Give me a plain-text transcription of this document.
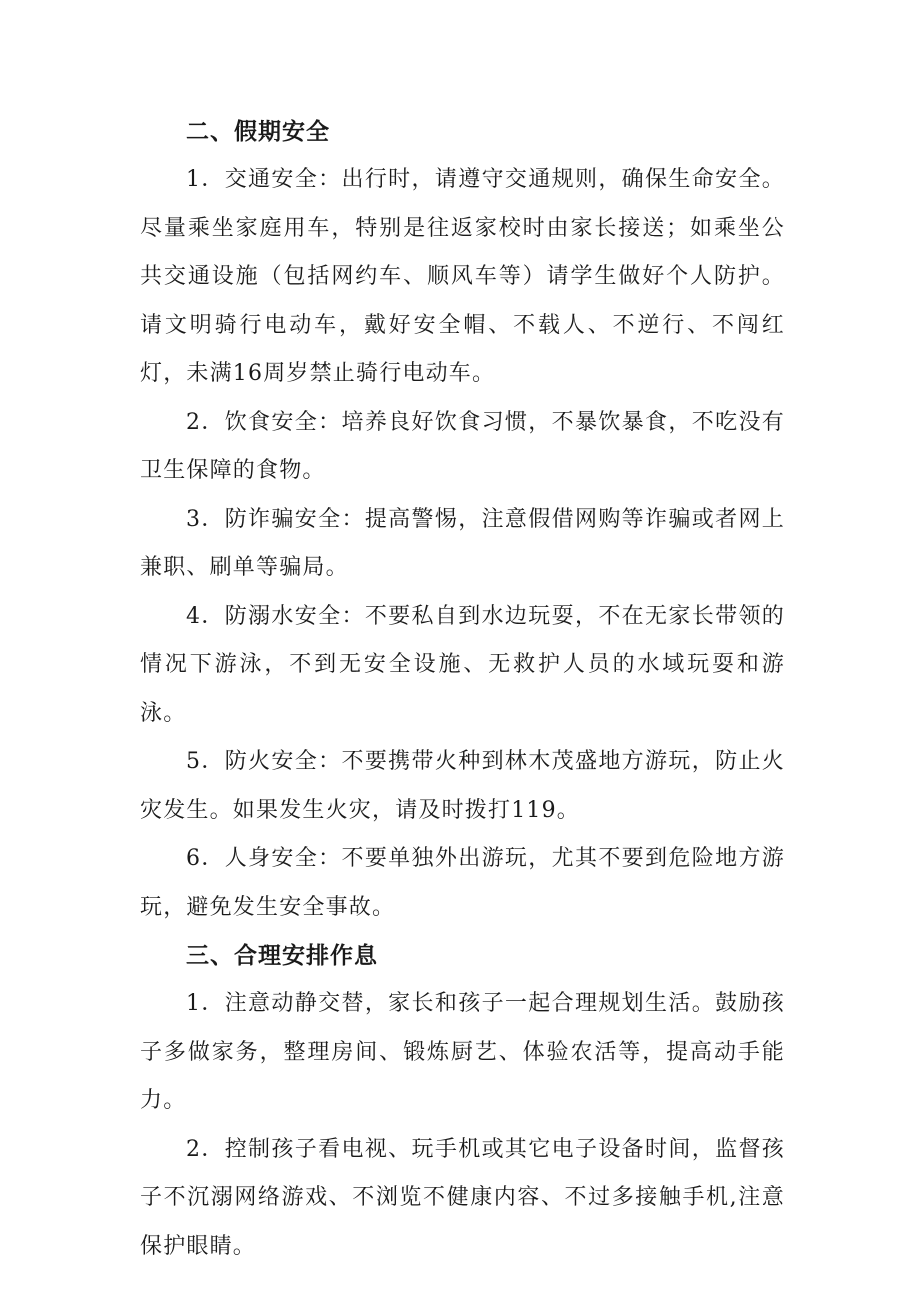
二、假期安全

1．交通安全：出行时，请遵守交通规则，确保生命安全。尽量乘坐家庭用车，特别是往返家校时由家长接送；如乘坐公共交通设施（包括网约车、顺风车等）请学生做好个人防护。请文明骑行电动车，戴好安全帽、不载人、不逆行、不闯红灯，未满16周岁禁止骑行电动车。

2．饮食安全：培养良好饮食习惯，不暴饮暴食，不吃没有卫生保障的食物。

3．防诈骗安全：提高警惕，注意假借网购等诈骗或者网上兼职、刷单等骗局。

4．防溺水安全：不要私自到水边玩耍，不在无家长带领的情况下游泳，不到无安全设施、无救护人员的水域玩耍和游泳。

5．防火安全：不要携带火种到林木茂盛地方游玩，防止火灾发生。如果发生火灾，请及时拨打119。

6．人身安全：不要单独外出游玩，尤其不要到危险地方游玩，避免发生安全事故。

三、合理安排作息

1．注意动静交替，家长和孩子一起合理规划生活。鼓励孩子多做家务，整理房间、锻炼厨艺、体验农活等，提高动手能力。

2．控制孩子看电视、玩手机或其它电子设备时间，监督孩子不沉溺网络游戏、不浏览不健康内容、不过多接触手机,注意保护眼睛。
